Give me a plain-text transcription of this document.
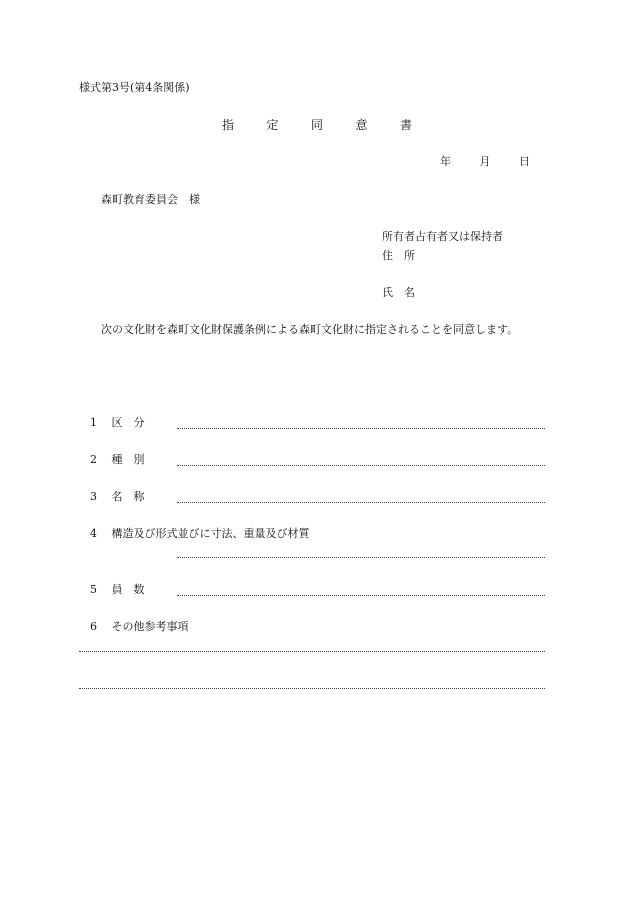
様式第3号(第4条関係)
指	定	同	意	書
年	月	日
森町教育委員会　様
所有者占有者又は保持者
住　所
氏　名
次の文化財を森町文化財保護条例による森町文化財に指定されることを同意します。
1 区　分
2 種　別
3 名　称
4 構造及び形式並びに寸法、重量及び材質
5 員　数
6 その他参考事項
